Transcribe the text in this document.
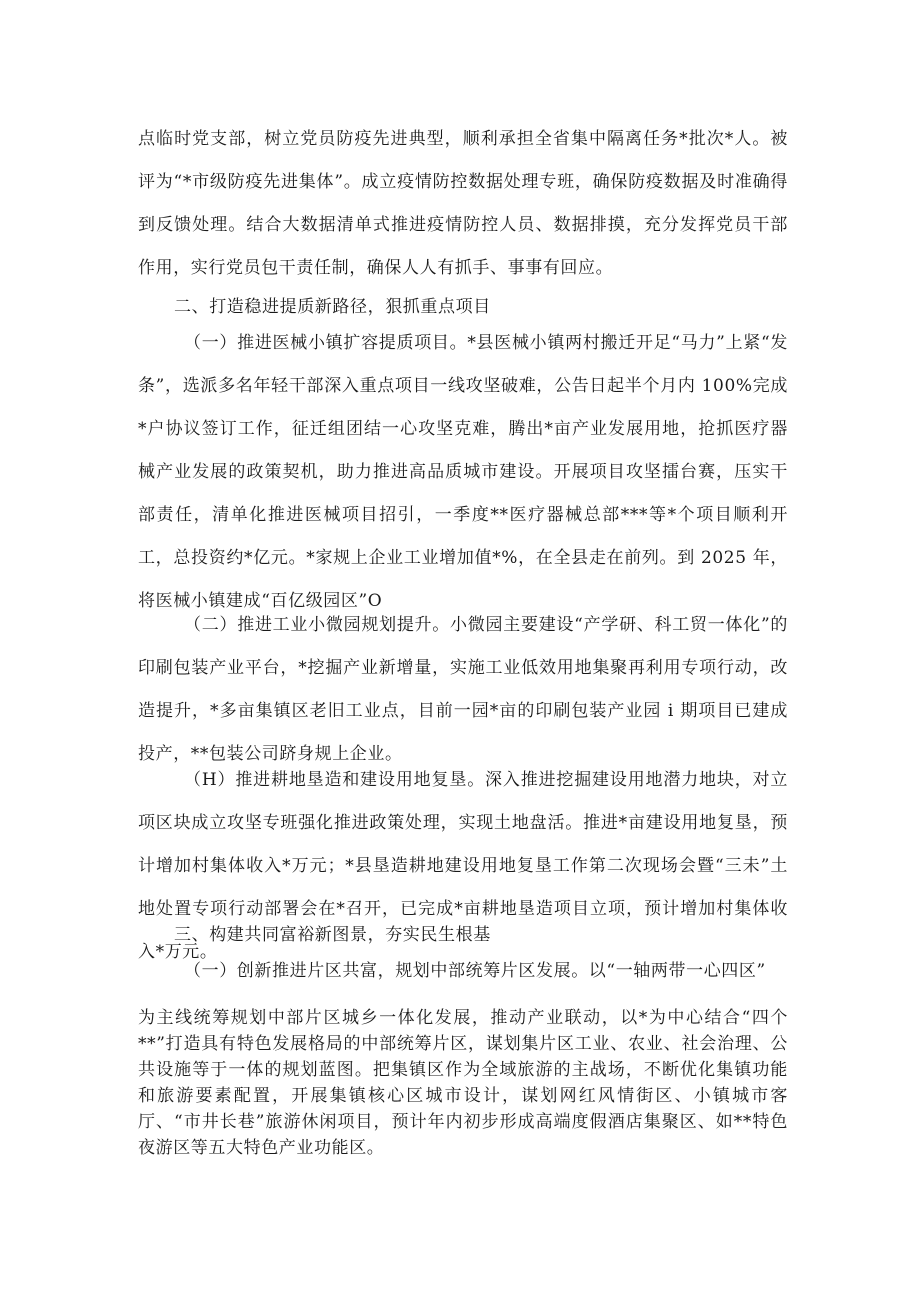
点临时党支部，树立党员防疫先进典型，顺利承担全省集中隔离任务*批次*人。被评为“*市级防疫先进集体”。成立疫情防控数据处理专班，确保防疫数据及时准确得到反馈处理。结合大数据清单式推进疫情防控人员、数据排摸，充分发挥党员干部作用，实行党员包干责任制，确保人人有抓手、事事有回应。

二、打造稳进提质新路径，狠抓重点项目

（一）推进医械小镇扩容提质项目。*县医械小镇两村搬迁开足“马力”上紧“发条”，选派多名年轻干部深入重点项目一线攻坚破难，公告日起半个月内 100%完成*户协议签订工作，征迁组团结一心攻坚克难，腾出*亩产业发展用地，抢抓医疗器械产业发展的政策契机，助力推进高品质城市建设。开展项目攻坚擂台赛，压实干部责任，清单化推进医械项目招引，一季度**医疗器械总部***等*个项目顺利开工，总投资约*亿元。*家规上企业工业增加值*%，在全县走在前列。到 2025 年，将医械小镇建成“百亿级园区”O

（二）推进工业小微园规划提升。小微园主要建设“产学研、科工贸一体化”的印刷包装产业平台，*挖掘产业新增量，实施工业低效用地集聚再利用专项行动，改造提升，*多亩集镇区老旧工业点，目前一园*亩的印刷包装产业园 i 期项目已建成投产，**包装公司跻身规上企业。

（H）推进耕地垦造和建设用地复垦。深入推进挖掘建设用地潜力地块，对立项区块成立攻坚专班强化推进政策处理，实现土地盘活。推进*亩建设用地复垦，预计增加村集体收入*万元；*县垦造耕地建设用地复垦工作第二次现场会暨“三未”土地处置专项行动部署会在*召开，已完成*亩耕地垦造项目立项，预计增加村集体收入*万元。

三、构建共同富裕新图景，夯实民生根基

（一）创新推进片区共富，规划中部统筹片区发展。以“一轴两带一心四区”

为主线统筹规划中部片区城乡一体化发展，推动产业联动，以*为中心结合“四个**”打造具有特色发展格局的中部统筹片区，谋划集片区工业、农业、社会治理、公共设施等于一体的规划蓝图。把集镇区作为全域旅游的主战场，不断优化集镇功能和旅游要素配置，开展集镇核心区城市设计，谋划网红风情街区、小镇城市客厅、“市井长巷”旅游休闲项目，预计年内初步形成高端度假酒店集聚区、如**特色夜游区等五大特色产业功能区。
